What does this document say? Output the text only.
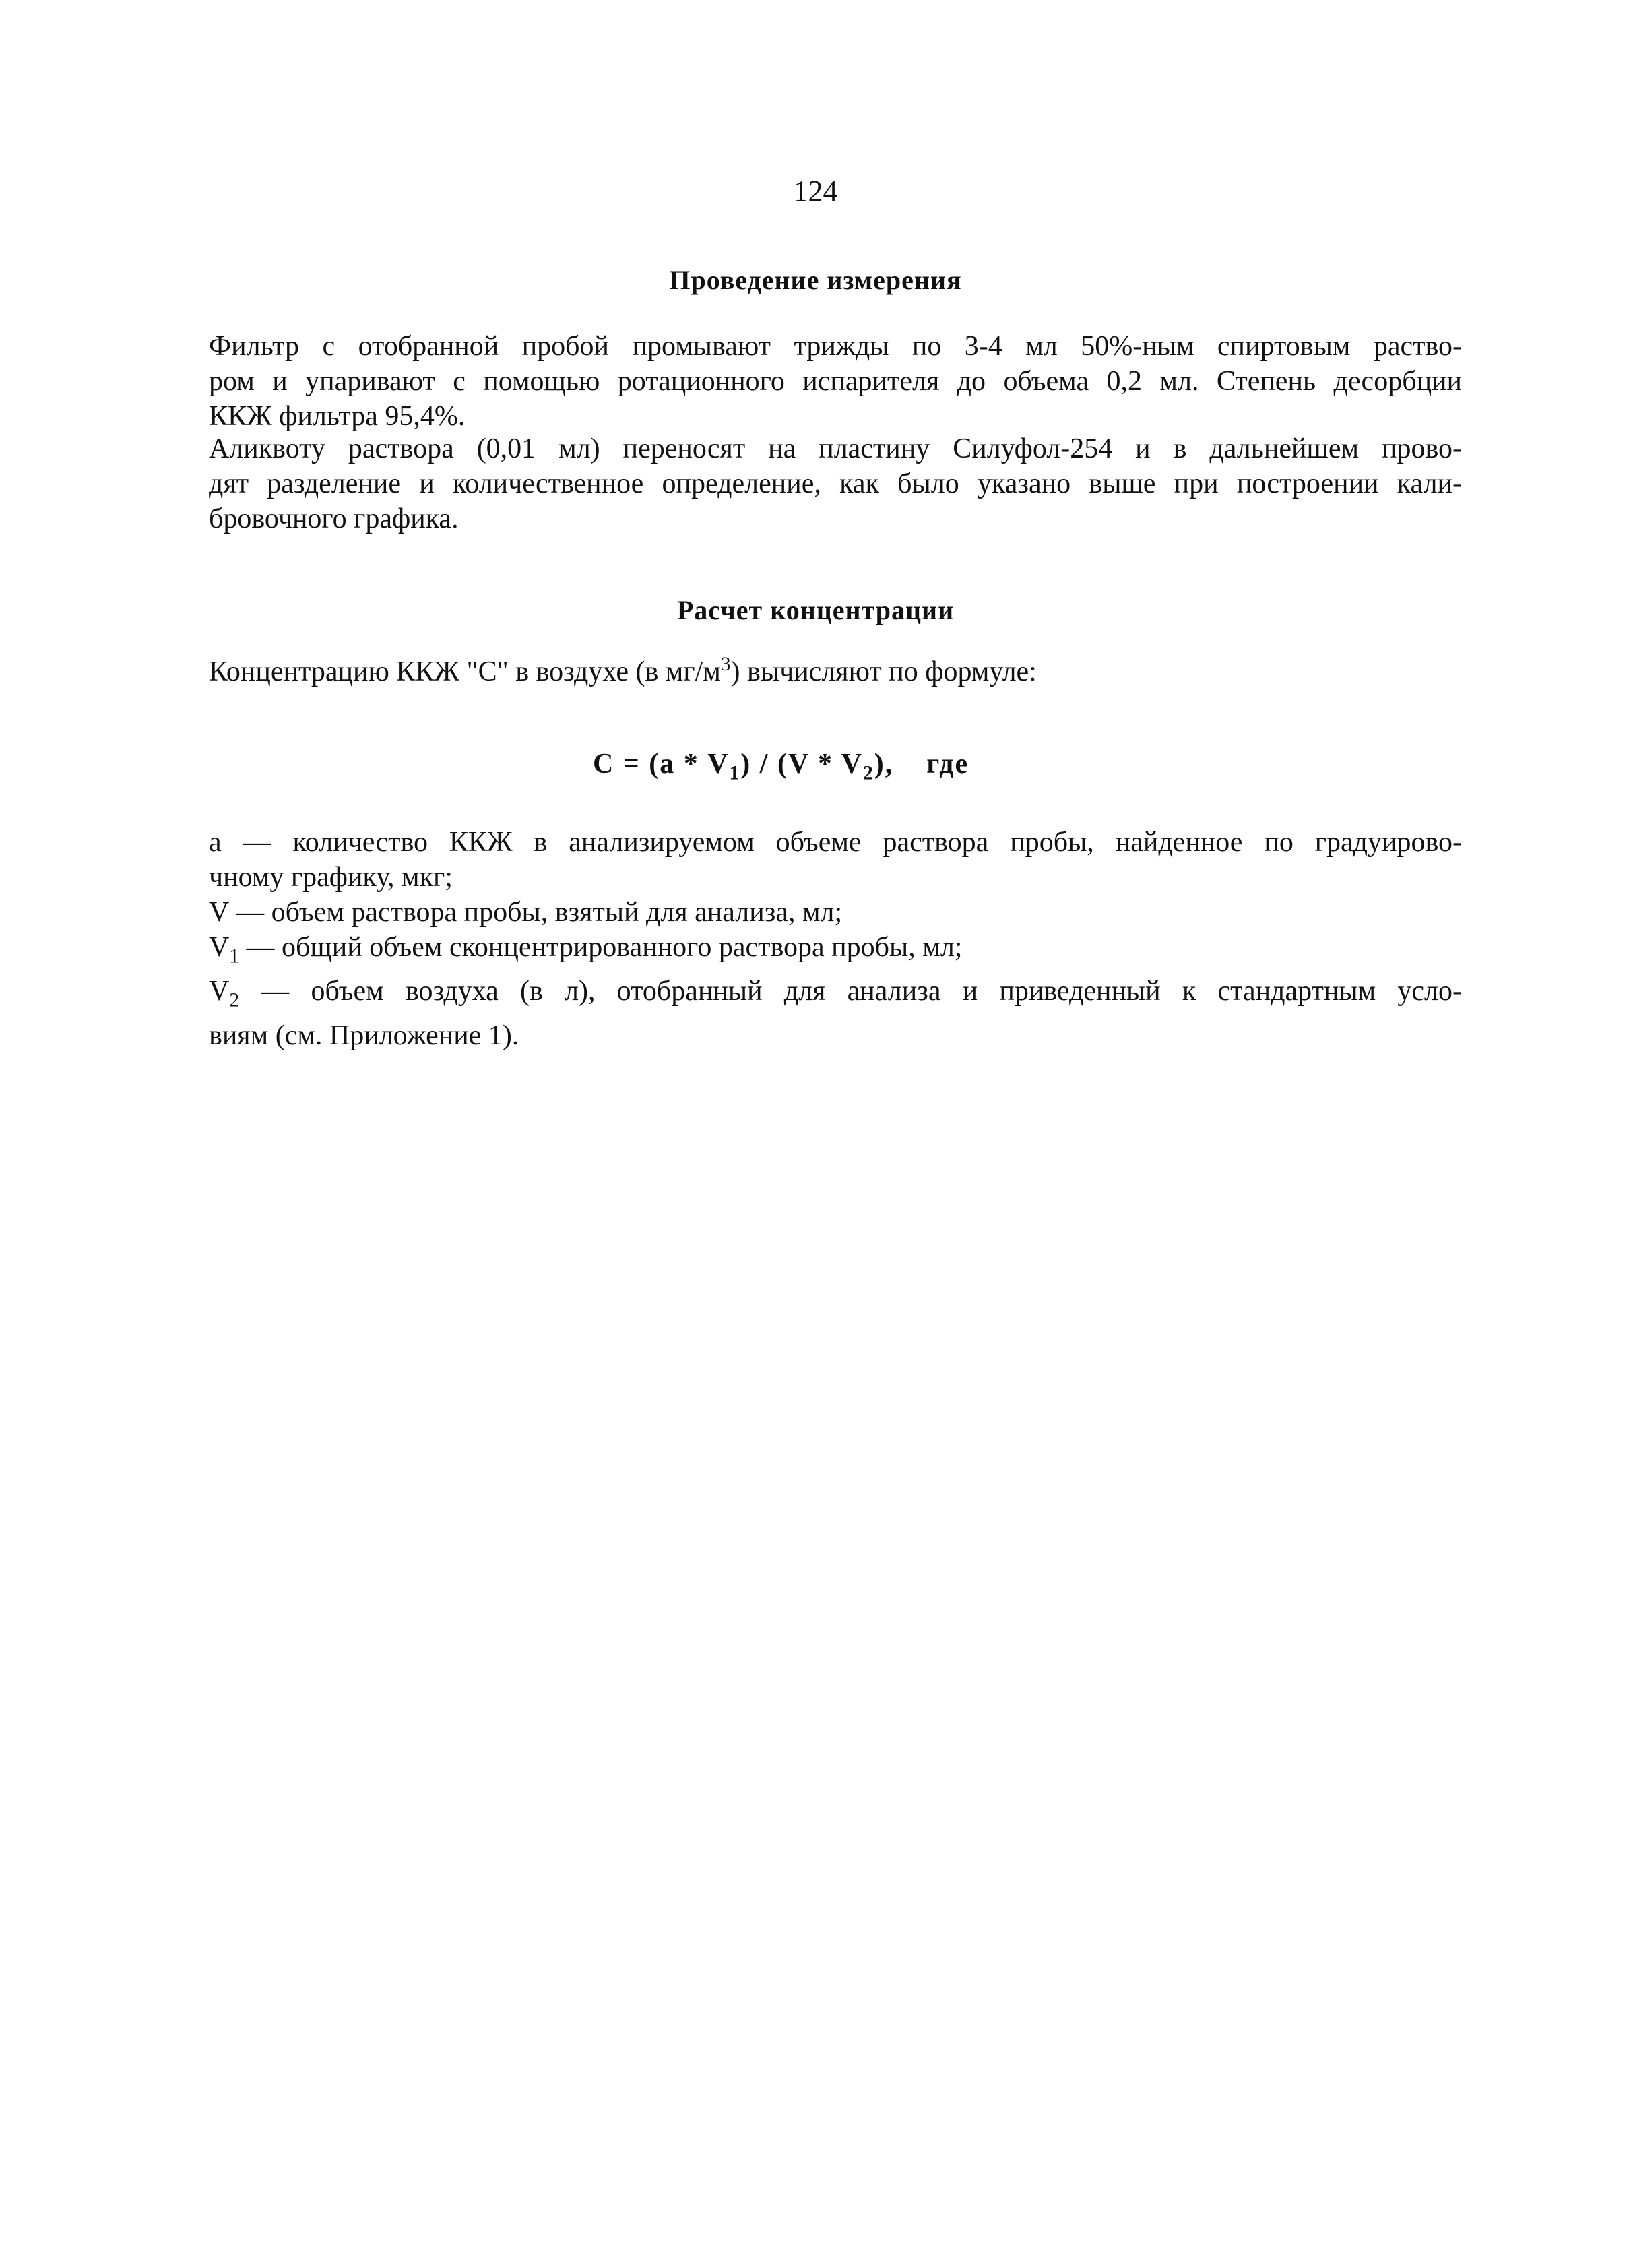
124
Проведение измерения
Фильтр с отобранной пробой промывают трижды по 3-4 мл 50%-ным спиртовым раство-
ром и упаривают с помощью ротационного испарителя до объема 0,2 мл. Степень десорбции
ККЖ фильтра 95,4%.
Аликвоту раствора (0,01 мл) переносят на пластину Силуфол-254 и в дальнейшем прово-
дят разделение и количественное определение, как было указано выше при построении кали-
бровочного графика.
Расчет концентрации
Концентрацию ККЖ "С" в воздухе (в $мг/м^3$) вычисляют по формуле:
$С = (а * V_1) / (V * V_2)$, где
а — количество ККЖ в анализируемом объеме раствора пробы, найденное по градуирово-
чному графику, мкг;
V — объем раствора пробы, взятый для анализа, мл;
$V_1$ — общий объем сконцентрированного раствора пробы, мл;
$V_2$ — объем воздуха (в л), отобранный для анализа и приведенный к стандартным усло-
виям (см. Приложение 1).
